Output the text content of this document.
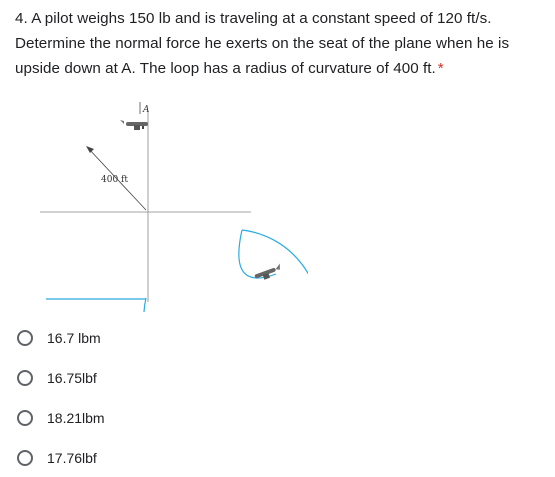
4. A pilot weighs 150 lb and is traveling at a constant speed of 120 ft/s. Determine the normal force he exerts on the seat of the plane when he is upside down at A. The loop has a radius of curvature of 400 ft. *
400 ft
A
16.7 lbm
16.75lbf
18.21lbm
17.76lbf
